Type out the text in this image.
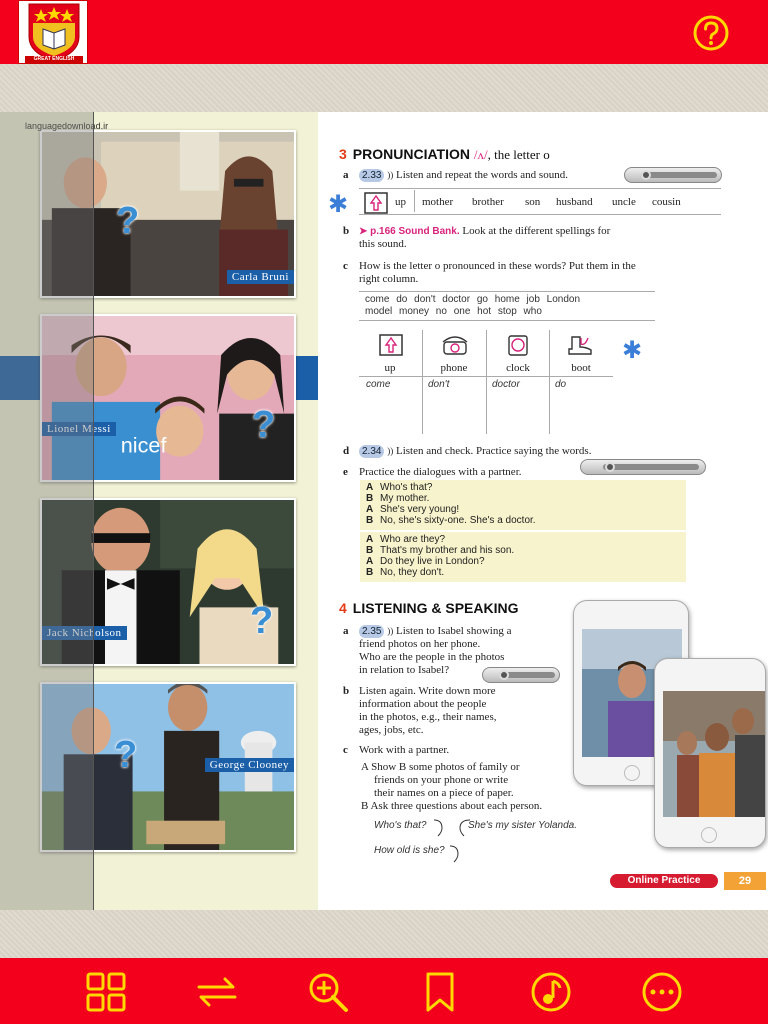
GREAT ENGLISH
Carla Bruni
?
nicef
Lionel Messi	?
Jack Nicholson	?
George Clooney
?
languagedownload.ir
3 PRONUNCIATION /ʌ/, the letter o
a	2.33 )) Listen and repeat the words and sound.
✱	up mother brother son husband uncle cousin
b ➤ p.166 Sound Bank. Look at the different spellings for
this sound.
c How is the letter o pronounced in these words? Put them in the
right column.
come do don't doctor go home job London
model money no one hot stop who
✱
up	phone	clock	boot
come	don't	doctor	do
d	2.34 )) Listen and check. Practice saying the words.
e Practice the dialogues with a partner.
A Who's that?
B My mother.
A She's very young!
B No, she's sixty-one. She's a doctor.
A Who are they?
B That's my brother and his son.
A Do they live in London?
B No, they don't.
4 LISTENING & SPEAKING
a	2.35 )) Listen to Isabel showing a
friend photos on her phone.
Who are the people in the photos
in relation to Isabel?
b Listen again. Write down more
information about the people
in the photos, e.g., their names,
ages, jobs, etc.
c Work with a partner.
A Show B some photos of family or
friends on your phone or write
their names on a piece of paper.
B Ask three questions about each person.
Who's that?	She's my sister Yolanda.
How old is she?
Online Practice	29
